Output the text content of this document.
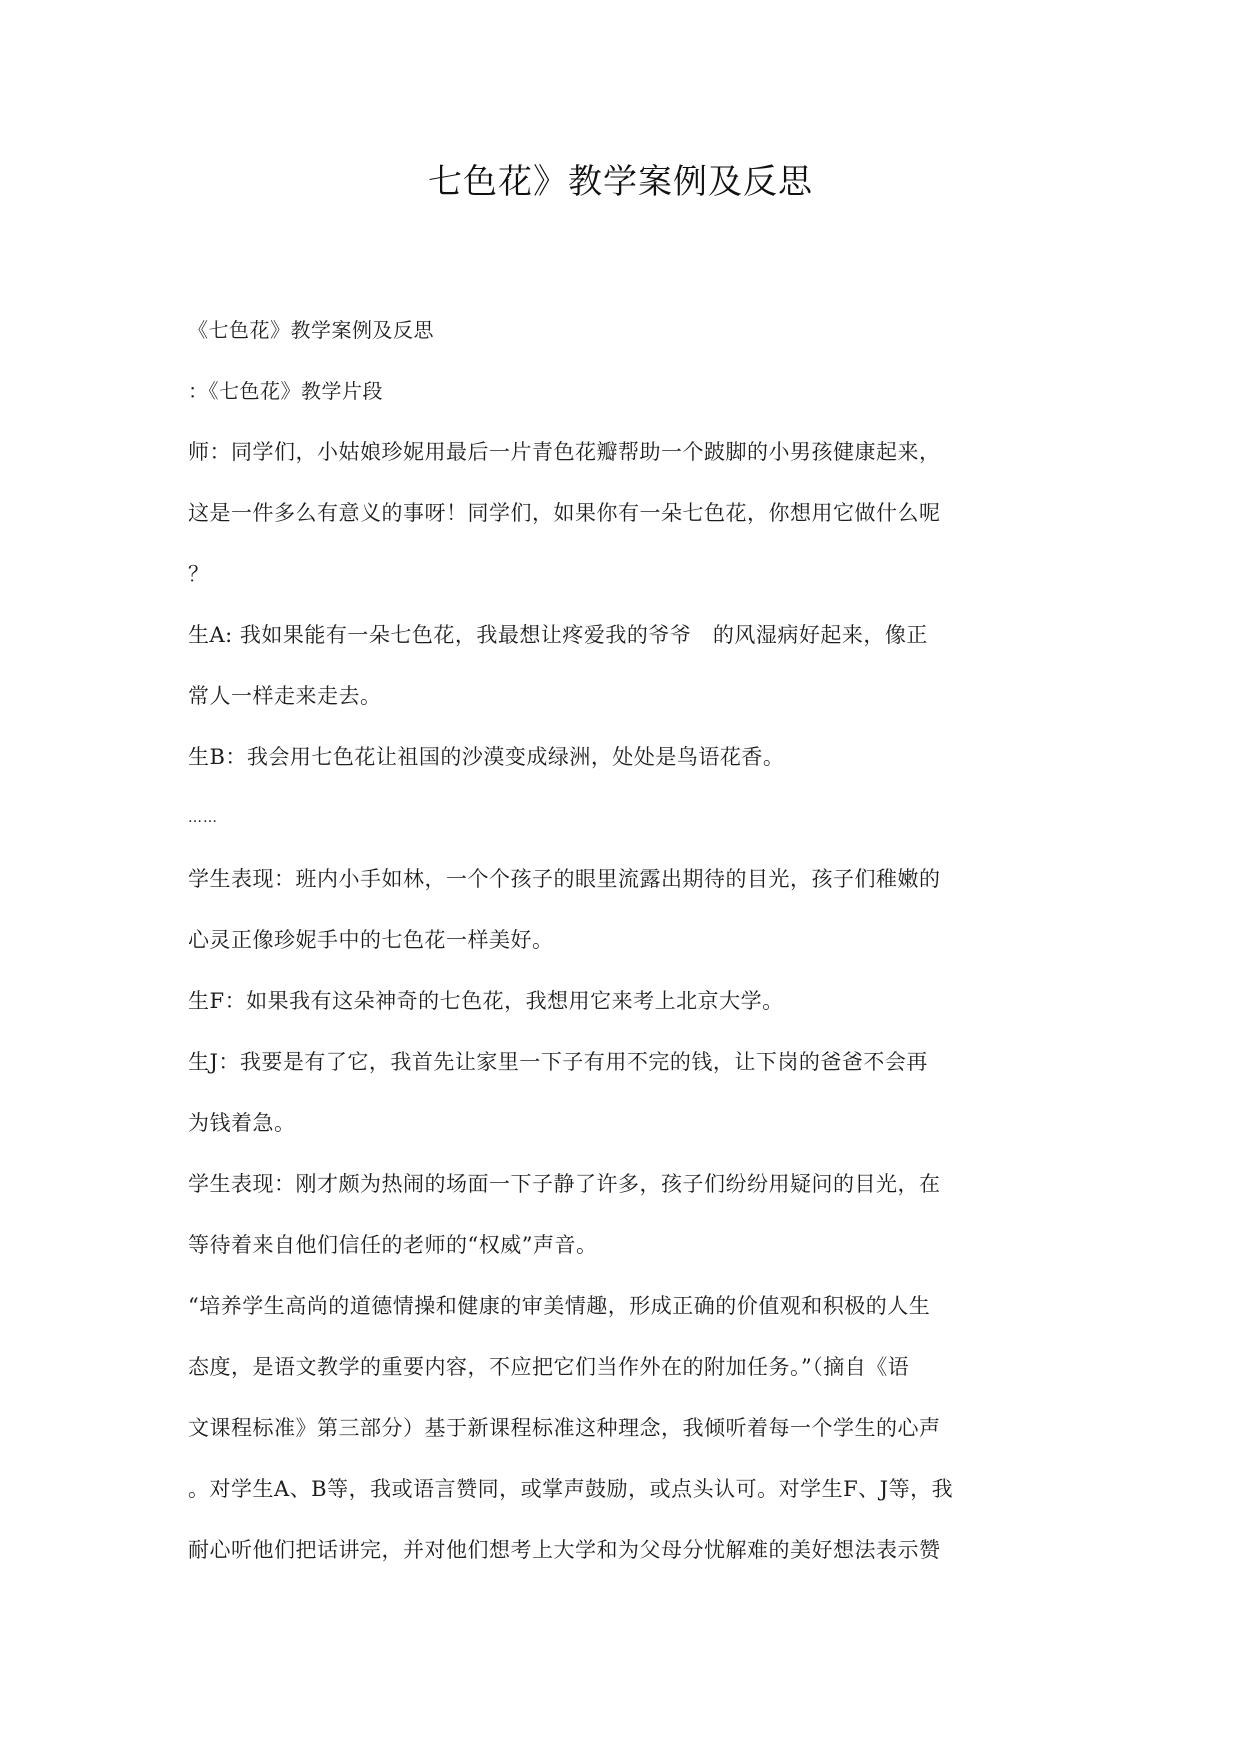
七色花》教学案例及反思
《七色花》教学案例及反思
：《七色花》教学片段
师：同学们，小姑娘珍妮用最后一片青色花瓣帮助一个跛脚的小男孩健康起来，
这是一件多么有意义的事呀！同学们，如果你有一朵七色花，你想用它做什么呢
？
生A: 我如果能有一朵七色花，我最想让疼爱我的爷爷　的风湿病好起来，像正
常人一样走来走去。
生B：我会用七色花让祖国的沙漠变成绿洲，处处是鸟语花香。
……
学生表现：班内小手如林，一个个孩子的眼里流露出期待的目光，孩子们稚嫩的
心灵正像珍妮手中的七色花一样美好。
生F：如果我有这朵神奇的七色花，我想用它来考上北京大学。
生J：我要是有了它，我首先让家里一下子有用不完的钱，让下岗的爸爸不会再
为钱着急。
学生表现：刚才颇为热闹的场面一下子静了许多，孩子们纷纷用疑问的目光，在
等待着来自他们信任的老师的“权威”声音。
“培养学生高尚的道德情操和健康的审美情趣，形成正确的价值观和积极的人生
态度，是语文教学的重要内容，不应把它们当作外在的附加任务。”（摘自《语
文课程标准》第三部分）基于新课程标准这种理念，我倾听着每一个学生的心声
。对学生A、B等，我或语言赞同，或掌声鼓励，或点头认可。对学生F、J等，我
耐心听他们把话讲完，并对他们想考上大学和为父母分忧解难的美好想法表示赞
